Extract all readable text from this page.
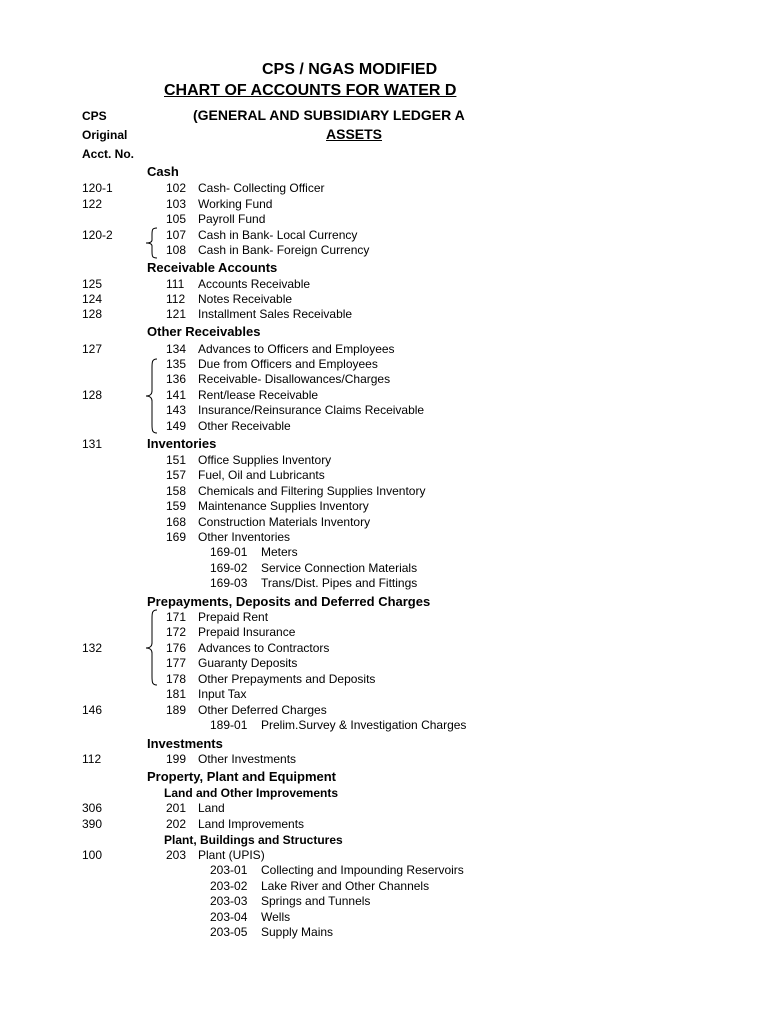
CPS / NGAS MODIFIED
CHART OF ACCOUNTS FOR WATER D
(GENERAL AND SUBSIDIARY LEDGER A
ASSETS
CPS
Original
Acct. No.
Cash
Receivable Accounts
Other Receivables
131	Inventories
Prepayments, Deposits and Deferred Charges
Investments
Property, Plant and Equipment
Land and Other Improvements
Plant, Buildings and Structures
120-1	102 Cash- Collecting Officer
122	103 Working Fund
105 Payroll Fund
120-2	107 Cash in Bank- Local Currency
108 Cash in Bank- Foreign Currency
125	111 Accounts Receivable
124	112 Notes Receivable
128	121 Installment Sales Receivable
127	134 Advances to Officers and Employees
135 Due from Officers and Employees
136 Receivable- Disallowances/Charges
128	141 Rent/lease Receivable
143 Insurance/Reinsurance Claims Receivable
149 Other Receivable
151 Office Supplies Inventory
157 Fuel, Oil and Lubricants
158 Chemicals and Filtering Supplies Inventory
159 Maintenance Supplies Inventory
168 Construction Materials Inventory
169 Other Inventories
169-01 Meters
169-02 Service Connection Materials
169-03 Trans/Dist. Pipes and Fittings
171 Prepaid Rent
172 Prepaid Insurance
132	176 Advances to Contractors
177 Guaranty Deposits
178 Other Prepayments and Deposits
181 Input Tax
146	189 Other Deferred Charges
189-01 Prelim.Survey & Investigation Charges
112	199 Other Investments
306	201 Land
390	202 Land Improvements
100	203 Plant (UPIS)
203-01 Collecting and Impounding Reservoirs
203-02 Lake River and Other Channels
203-03 Springs and Tunnels
203-04 Wells
203-05 Supply Mains
